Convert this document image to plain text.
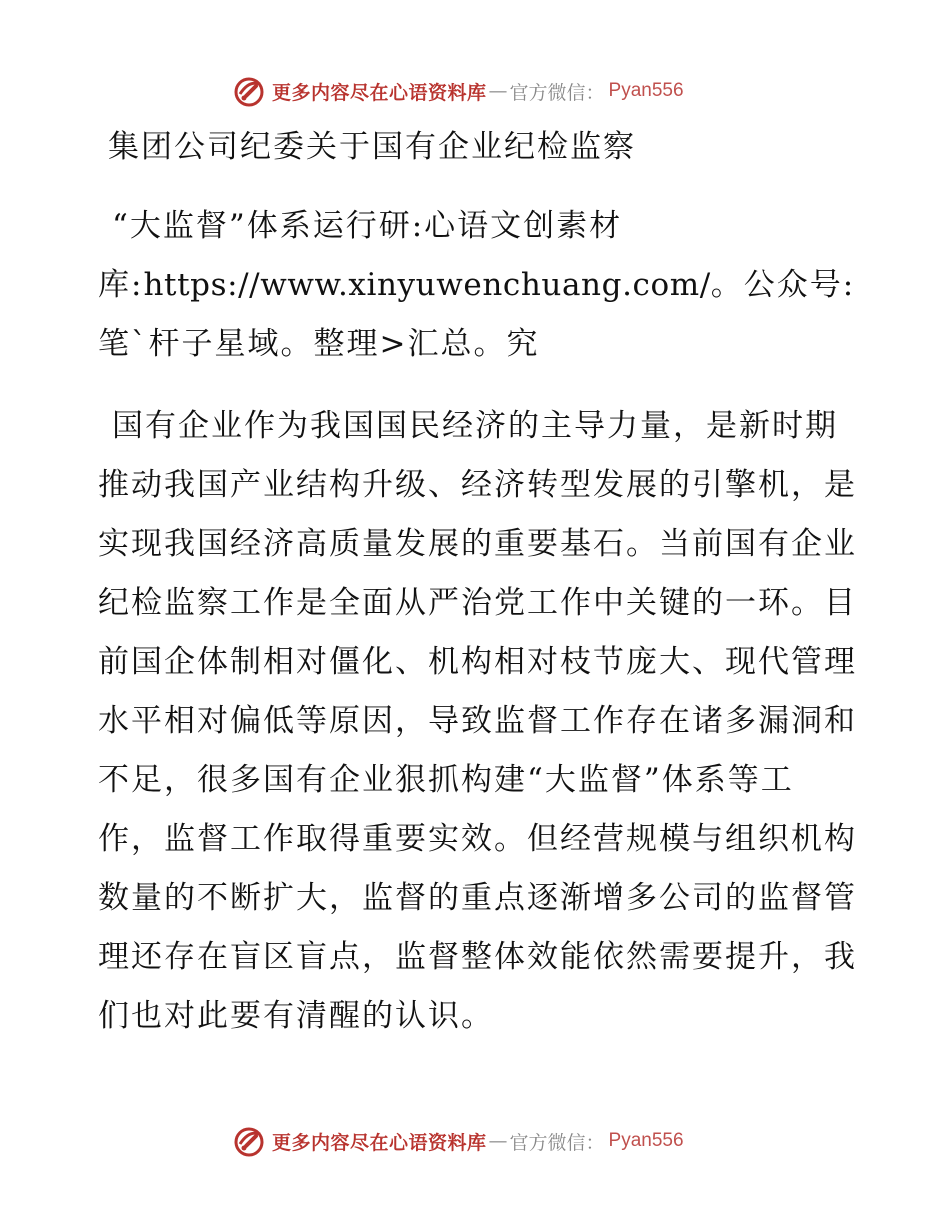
更多内容尽在心语资料库 — 官方微信： Pyan556

集团公司纪委关于国有企业纪检监察

“大监督”体系运行研:心语文创素材库:https://www.xinyuwenchuang.com/。公众号: 笔`杆子星域。整理>汇总。究

国有企业作为我国国民经济的主导力量，是新时期推动我国产业结构升级、经济转型发展的引擎机，是实现我国经济高质量发展的重要基石。当前国有企业纪检监察工作是全面从严治党工作中关键的一环。目前国企体制相对僵化、机构相对枝节庞大、现代管理水平相对偏低等原因，导致监督工作存在诸多漏洞和不足，很多国有企业狠抓构建“大监督”体系等工作，监督工作取得重要实效。但经营规模与组织机构数量的不断扩大，监督的重点逐渐增多公司的监督管理还存在盲区盲点，监督整体效能依然需要提升，我们也对此要有清醒的认识。

更多内容尽在心语资料库 — 官方微信： Pyan556
